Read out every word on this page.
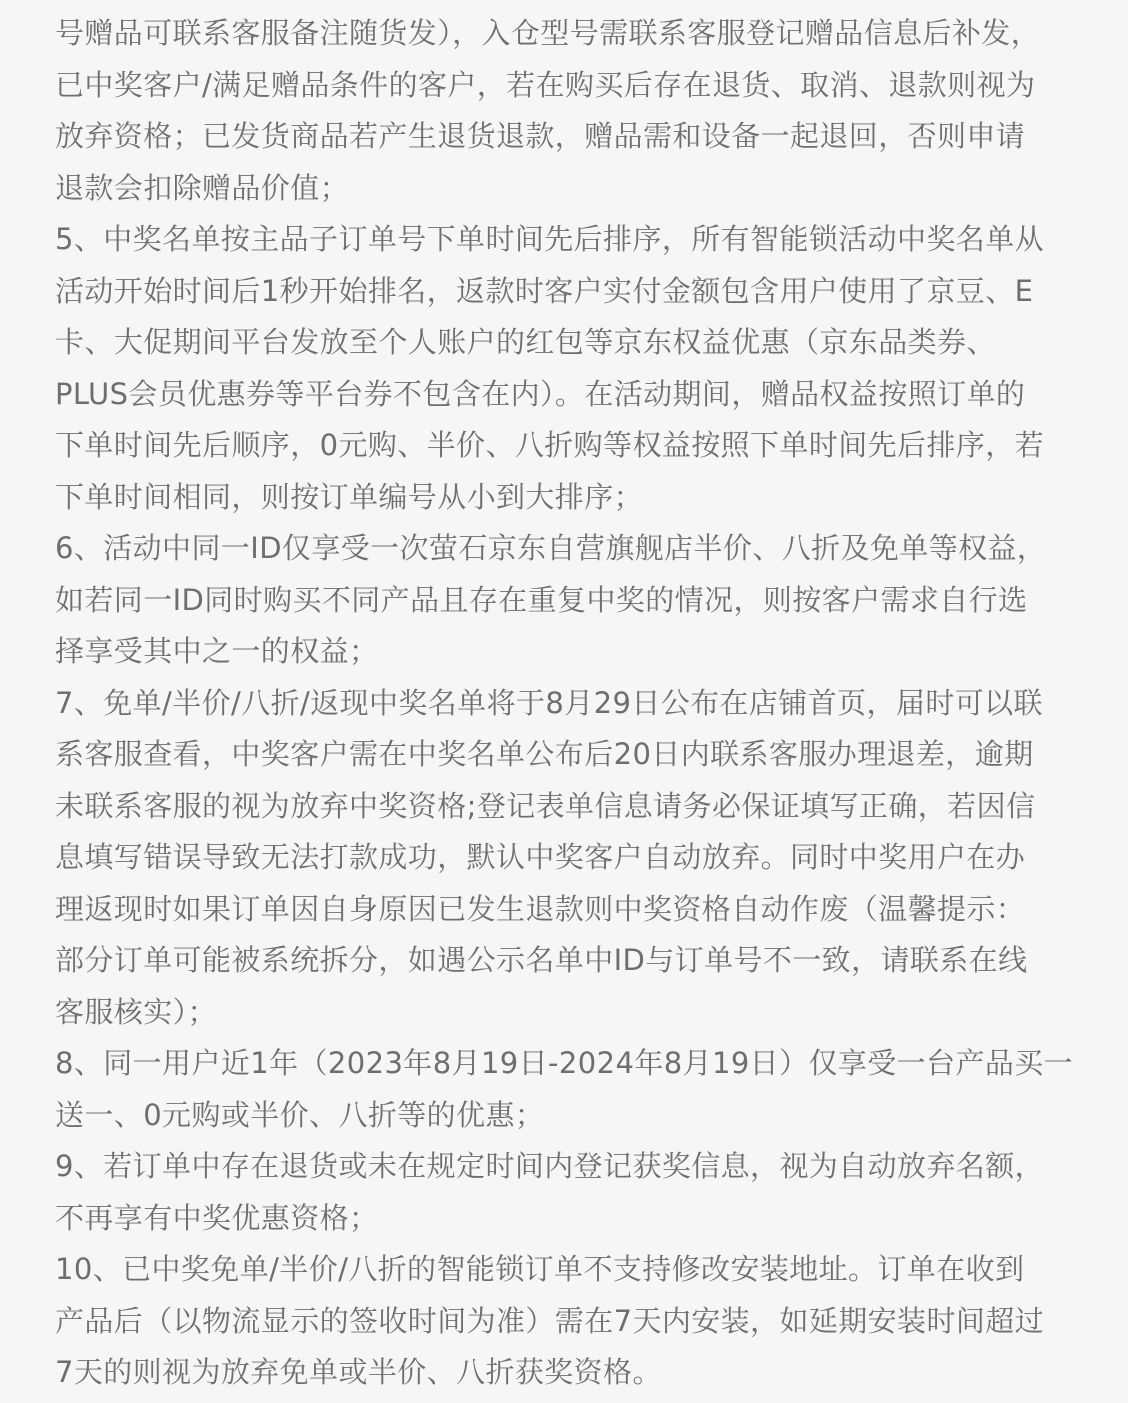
号赠品可联系客服备注随货发），入仓型号需联系客服登记赠品信息后补发，
已中奖客户/满足赠品条件的客户，若在购买后存在退货、取消、退款则视为
放弃资格；已发货商品若产生退货退款，赠品需和设备一起退回，否则申请
退款会扣除赠品价值；
5、中奖名单按主品子订单号下单时间先后排序，所有智能锁活动中奖名单从
活动开始时间后1秒开始排名，返款时客户实付金额包含用户使用了京豆、E
卡、大促期间平台发放至个人账户的红包等京东权益优惠（京东品类券、
PLUS会员优惠券等平台券不包含在内）。在活动期间，赠品权益按照订单的
下单时间先后顺序，0元购、半价、八折购等权益按照下单时间先后排序，若
下单时间相同，则按订单编号从小到大排序；
6、活动中同一ID仅享受一次萤石京东自营旗舰店半价、八折及免单等权益，
如若同一ID同时购买不同产品且存在重复中奖的情况，则按客户需求自行选
择享受其中之一的权益；
7、免单/半价/八折/返现中奖名单将于8月29日公布在店铺首页，届时可以联
系客服查看，中奖客户需在中奖名单公布后20日内联系客服办理退差，逾期
未联系客服的视为放弃中奖资格;登记表单信息请务必保证填写正确，若因信
息填写错误导致无法打款成功，默认中奖客户自动放弃。同时中奖用户在办
理返现时如果订单因自身原因已发生退款则中奖资格自动作废（温馨提示：
部分订单可能被系统拆分，如遇公示名单中ID与订单号不一致，请联系在线
客服核实）；
8、同一用户近1年（2023年8月19日-2024年8月19日）仅享受一台产品买一
送一、0元购或半价、八折等的优惠；
9、若订单中存在退货或未在规定时间内登记获奖信息，视为自动放弃名额，
不再享有中奖优惠资格；
10、已中奖免单/半价/八折的智能锁订单不支持修改安装地址。订单在收到
产品后（以物流显示的签收时间为准）需在7天内安装，如延期安装时间超过
7天的则视为放弃免单或半价、八折获奖资格。
